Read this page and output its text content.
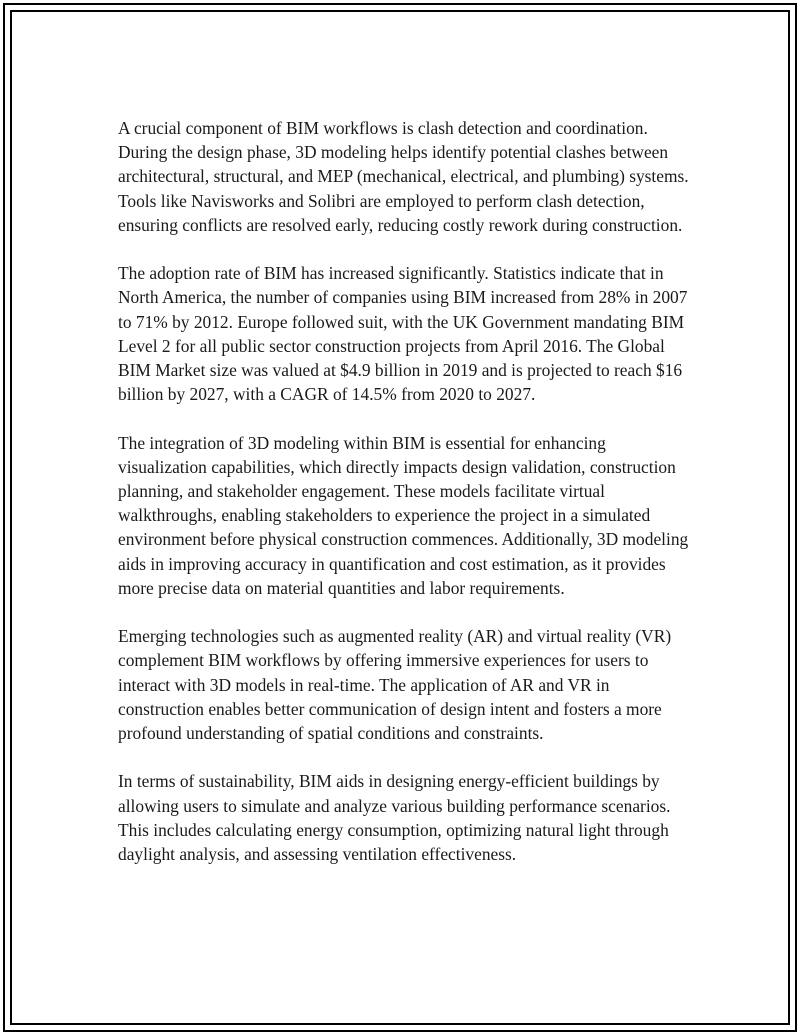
A crucial component of BIM workflows is clash detection and coordination. During the design phase, 3D modeling helps identify potential clashes between architectural, structural, and MEP (mechanical, electrical, and plumbing) systems. Tools like Navisworks and Solibri are employed to perform clash detection, ensuring conflicts are resolved early, reducing costly rework during construction.

The adoption rate of BIM has increased significantly. Statistics indicate that in North America, the number of companies using BIM increased from 28% in 2007 to 71% by 2012. Europe followed suit, with the UK Government mandating BIM Level 2 for all public sector construction projects from April 2016. The Global BIM Market size was valued at $4.9 billion in 2019 and is projected to reach $16 billion by 2027, with a CAGR of 14.5% from 2020 to 2027.

The integration of 3D modeling within BIM is essential for enhancing visualization capabilities, which directly impacts design validation, construction planning, and stakeholder engagement. These models facilitate virtual walkthroughs, enabling stakeholders to experience the project in a simulated environment before physical construction commences. Additionally, 3D modeling aids in improving accuracy in quantification and cost estimation, as it provides more precise data on material quantities and labor requirements.

Emerging technologies such as augmented reality (AR) and virtual reality (VR) complement BIM workflows by offering immersive experiences for users to interact with 3D models in real-time. The application of AR and VR in construction enables better communication of design intent and fosters a more profound understanding of spatial conditions and constraints.

In terms of sustainability, BIM aids in designing energy-efficient buildings by allowing users to simulate and analyze various building performance scenarios. This includes calculating energy consumption, optimizing natural light through daylight analysis, and assessing ventilation effectiveness.
